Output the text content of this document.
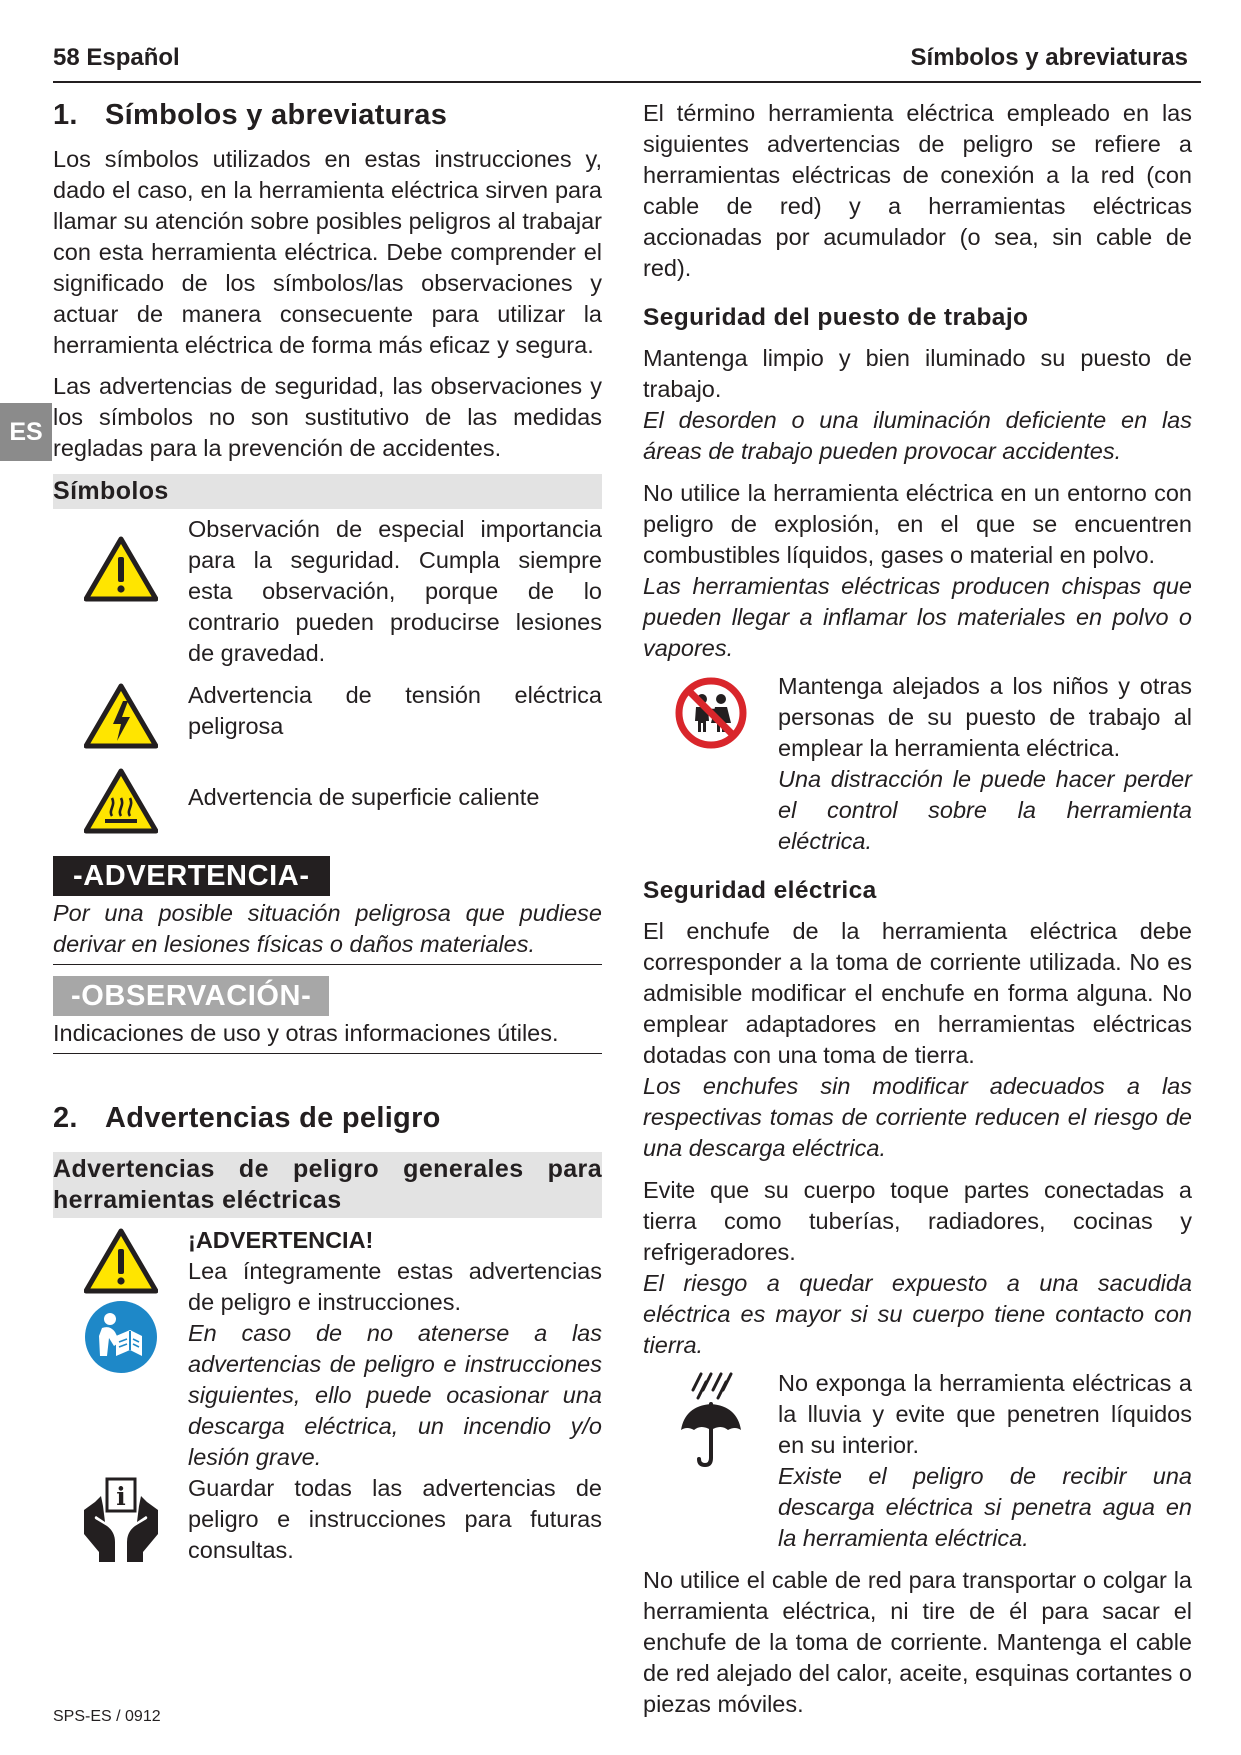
58 Español	Símbolos y abreviaturas
ES
1. Símbolos y abreviaturas

Los símbolos utilizados en estas instrucciones y, dado el caso, en la herramienta eléctrica sirven para llamar su atención sobre posibles peligros al trabajar con esta herramienta eléctrica. Debe comprender el significado de los símbolos/las observaciones y actuar de manera consecuente para utilizar la herramienta eléctrica de forma más eficaz y segura.

Las advertencias de seguridad, las observaciones y los símbolos no son sustitutivo de las medidas regladas para la prevención de accidentes.

Símbolos

Observación de especial importancia para la seguridad. Cumpla siempre esta observación, porque de lo contrario pueden producirse lesiones de gravedad.

Advertencia de tensión eléctrica peligrosa

Advertencia de superficie caliente

-ADVERTENCIA-

Por una posible situación peligrosa que pudiese derivar en lesiones físicas o daños materiales.

-OBSERVACIÓN-

Indicaciones de uso y otras informaciones útiles.

2. Advertencias de peligro
Advertencias de peligro generales para herramientas eléctricas

¡ADVERTENCIA!

Lea íntegramente estas advertencias de peligro e instrucciones.

En caso de no atenerse a las advertencias de peligro e instrucciones siguientes, ello puede ocasionar una descarga eléctrica, un incendio y/o lesión grave.

i	Guardar todas las advertencias de peligro e instrucciones para futuras consultas.

El término herramienta eléctrica empleado en las siguientes advertencias de peligro se refiere a herramientas eléctricas de conexión a la red (con cable de red) y a herramientas eléctricas accionadas por acumulador (o sea, sin cable de red).

Seguridad del puesto de trabajo

Mantenga limpio y bien iluminado su puesto de trabajo.

El desorden o una iluminación deficiente en las áreas de trabajo pueden provocar accidentes.

No utilice la herramienta eléctrica en un entorno con peligro de explosión, en el que se encuentren combustibles líquidos, gases o material en polvo.

Las herramientas eléctricas producen chispas que pueden llegar a inflamar los materiales en polvo o vapores.

Mantenga alejados a los niños y otras personas de su puesto de trabajo al emplear la herramienta eléctrica.

Una distracción le puede hacer perder el control sobre la herramienta eléctrica.

Seguridad eléctrica

El enchufe de la herramienta eléctrica debe corresponder a la toma de corriente utilizada. No es admisible modificar el enchufe en forma alguna. No emplear adaptadores en herramientas eléctricas dotadas con una toma de tierra.

Los enchufes sin modificar adecuados a las respectivas tomas de corriente reducen el riesgo de una descarga eléctrica.

Evite que su cuerpo toque partes conectadas a tierra como tuberías, radiadores, cocinas y refrigeradores.

El riesgo a quedar expuesto a una sacudida eléctrica es mayor si su cuerpo tiene contacto con tierra.

No exponga la herramienta eléctricas a la lluvia y evite que penetren líquidos en su interior.

Existe el peligro de recibir una descarga eléctrica si penetra agua en la herramienta eléctrica.

No utilice el cable de red para transportar o colgar la herramienta eléctrica, ni tire de él para sacar el enchufe de la toma de corriente. Mantenga el cable de red alejado del calor, aceite, esquinas cortantes o piezas móviles.

SPS-ES / 0912
